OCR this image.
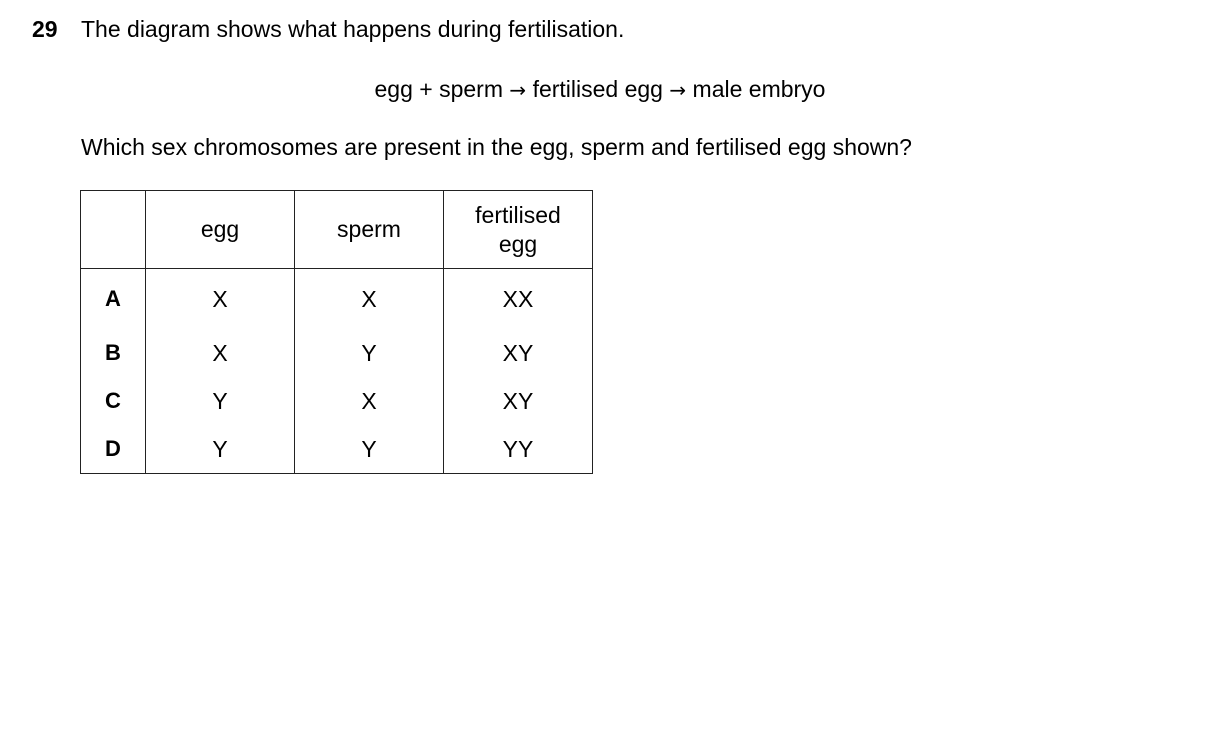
29 The diagram shows what happens during fertilisation.
egg + sperm → fertilised egg → male embryo
Which sex chromosomes are present in the egg, sperm and fertilised egg shown?
	egg	sperm	fertilised
egg
A	X	X	XX
B	X	Y	XY
C	Y	X	XY
D	Y	Y	YY
